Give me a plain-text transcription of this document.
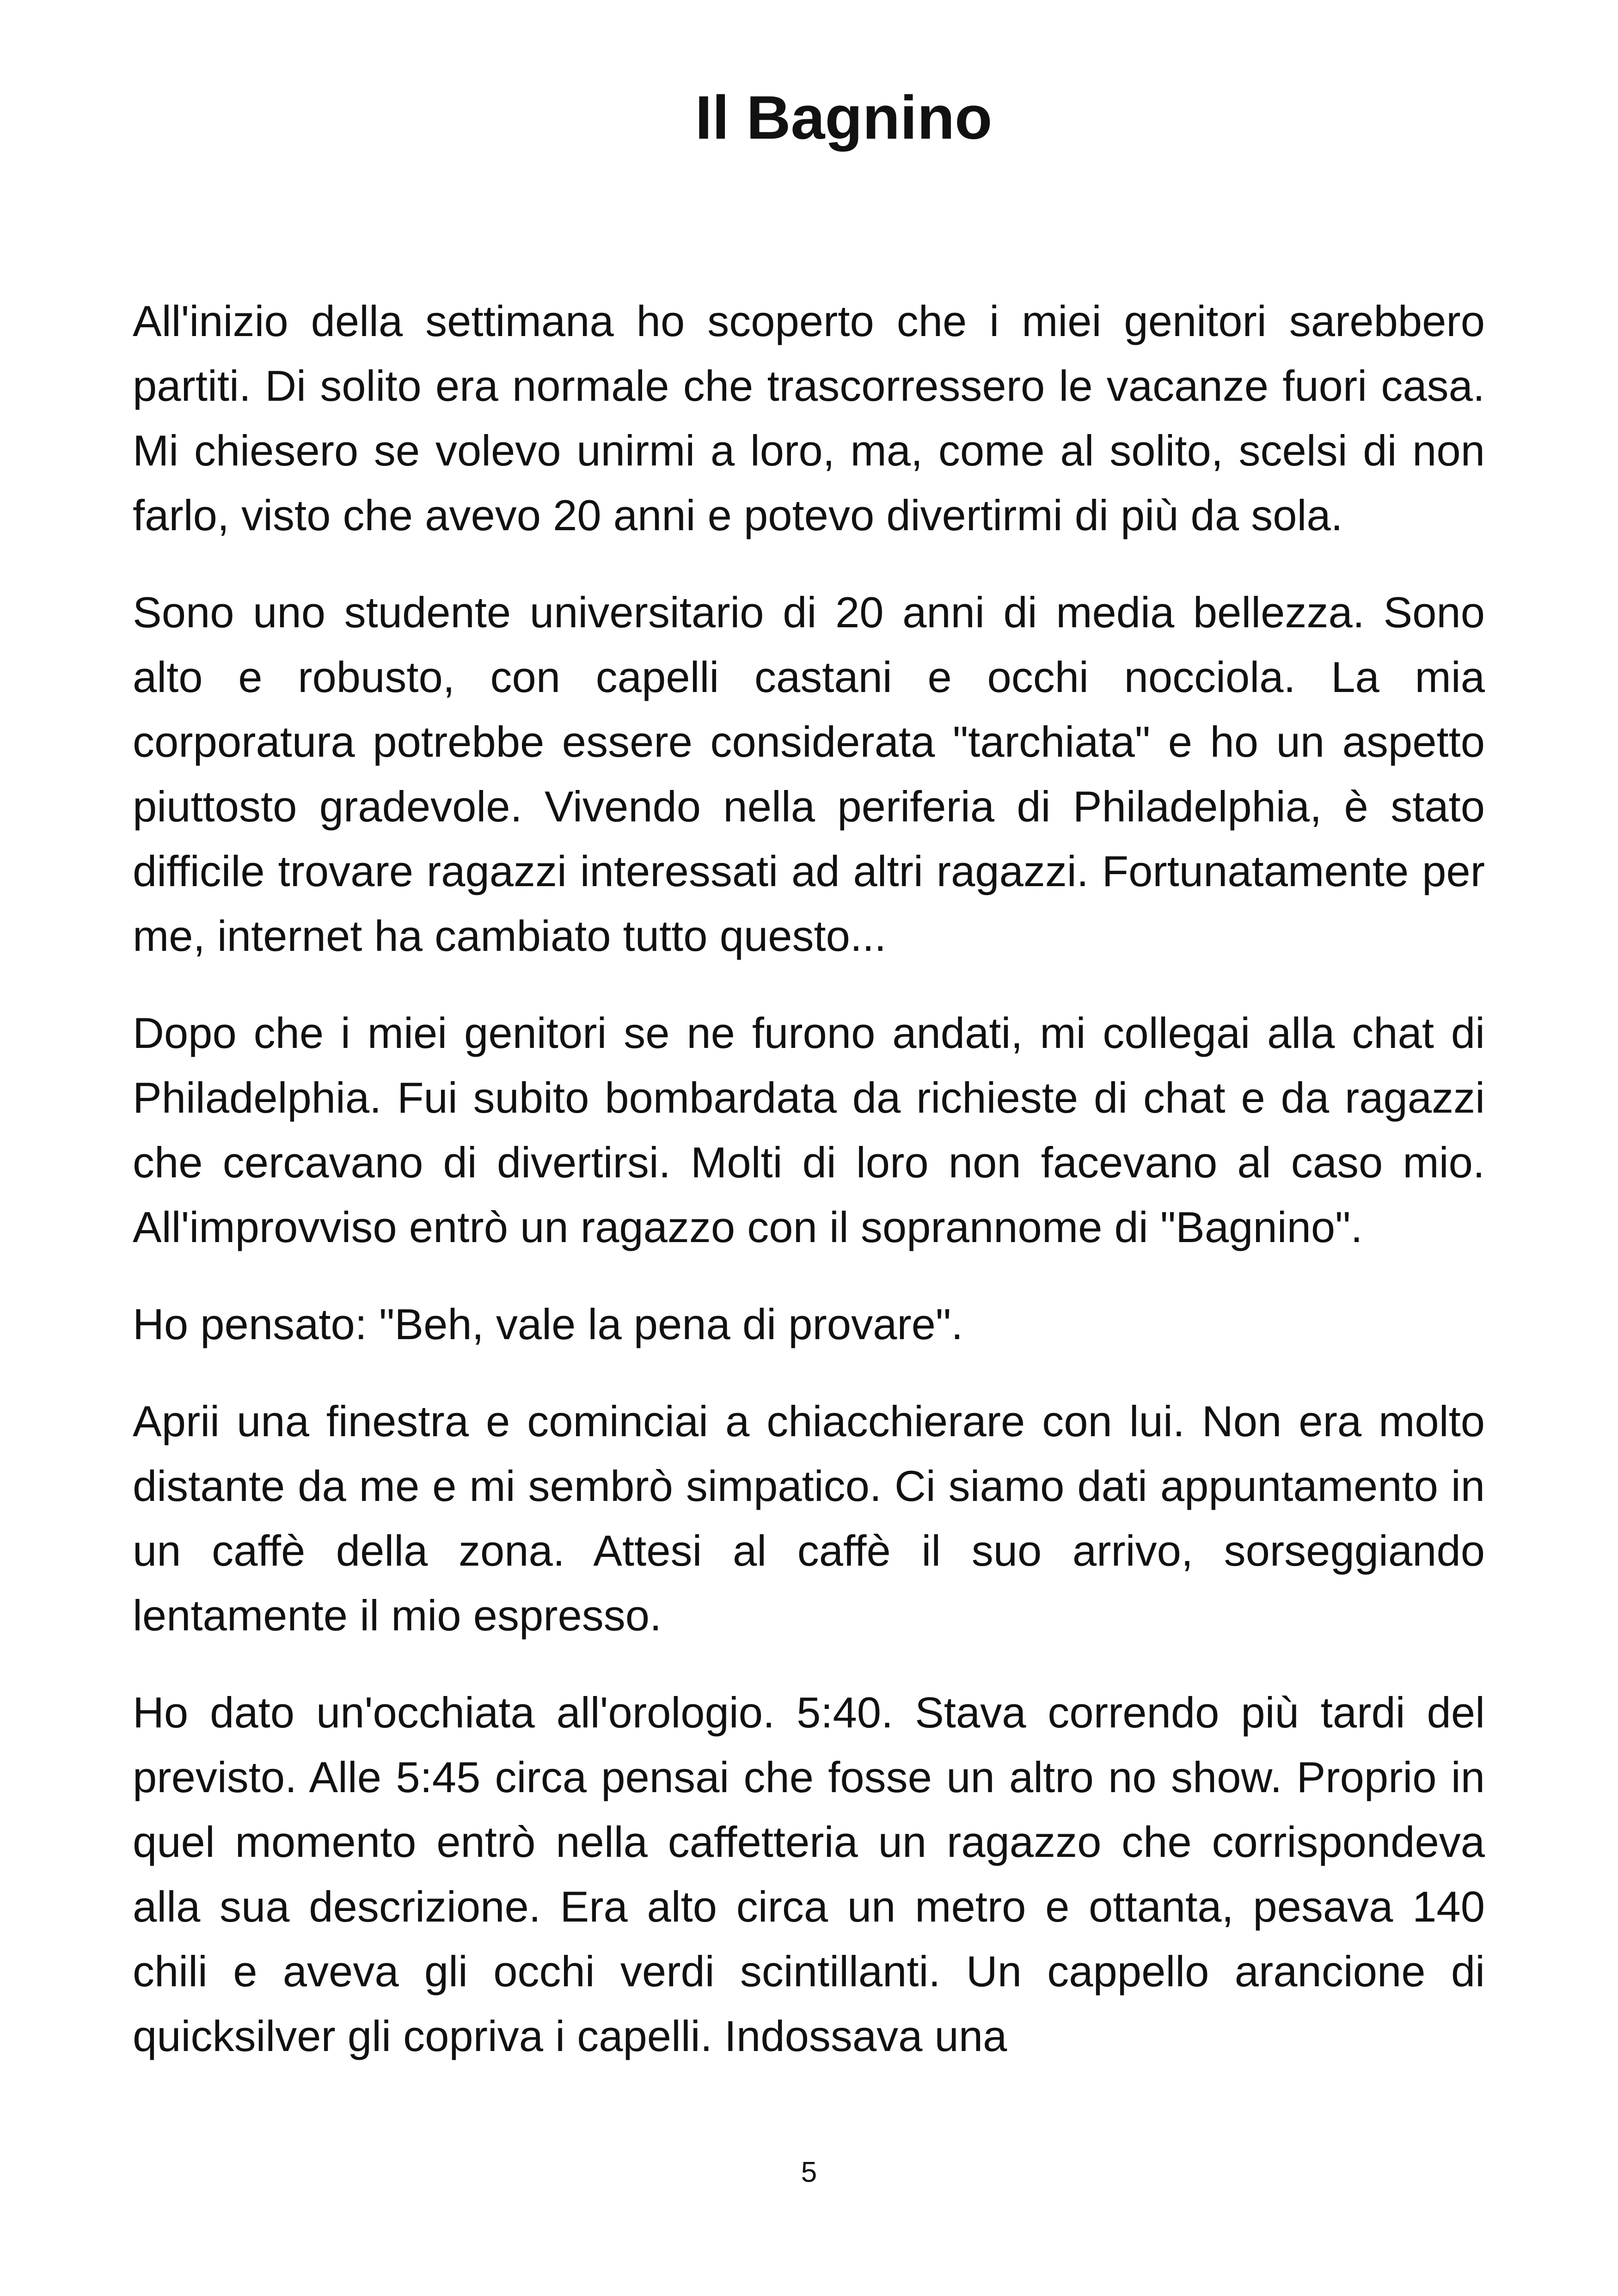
Il Bagnino

All'inizio della settimana ho scoperto che i miei genitori sarebbero partiti. Di solito era normale che trascorressero le vacanze fuori casa. Mi chiesero se volevo unirmi a loro, ma, come al solito, scelsi di non farlo, visto che avevo 20 anni e potevo divertirmi di più da sola.

Sono uno studente universitario di 20 anni di media bellezza. Sono alto e robusto, con capelli castani e occhi nocciola. La mia corporatura potrebbe essere considerata "tarchiata" e ho un aspetto piuttosto gradevole. Vivendo nella periferia di Philadelphia, è stato difficile trovare ragazzi interessati ad altri ragazzi. Fortunatamente per me, internet ha cambiato tutto questo...

Dopo che i miei genitori se ne furono andati, mi collegai alla chat di Philadelphia. Fui subito bombardata da richieste di chat e da ragazzi che cercavano di divertirsi. Molti di loro non facevano al caso mio. All'improvviso entrò un ragazzo con il soprannome di "Bagnino".

Ho pensato: "Beh, vale la pena di provare".

Aprii una finestra e cominciai a chiacchierare con lui. Non era molto distante da me e mi sembrò simpatico. Ci siamo dati appuntamento in un caffè della zona. Attesi al caffè il suo arrivo, sorseggiando lentamente il mio espresso.

Ho dato un'occhiata all'orologio. 5:40. Stava correndo più tardi del previsto. Alle 5:45 circa pensai che fosse un altro no show. Proprio in quel momento entrò nella caffetteria un ragazzo che corrispondeva alla sua descrizione. Era alto circa un metro e ottanta, pesava 140 chili e aveva gli occhi verdi scintillanti. Un cappello arancione di quicksilver gli copriva i capelli. Indossava una

5
